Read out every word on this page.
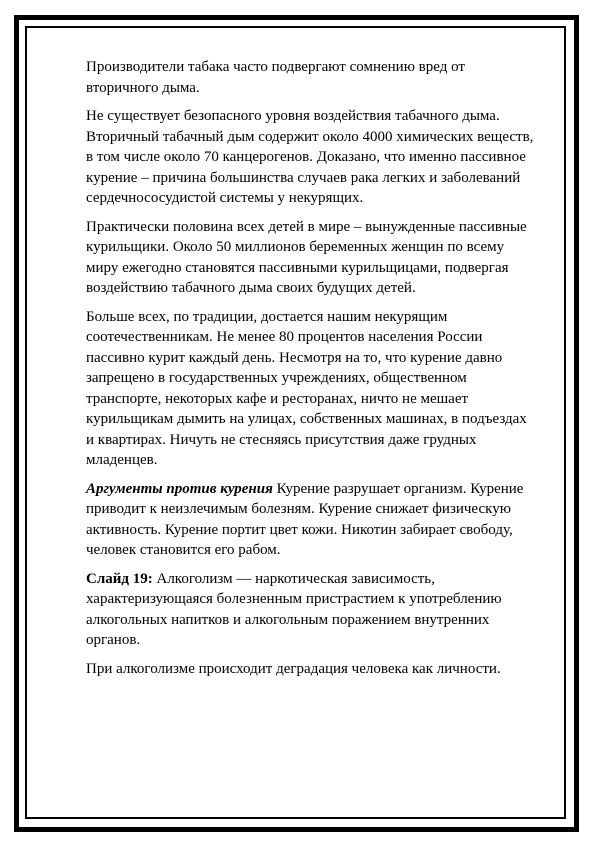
Производители табака часто подвергают сомнению вред от вторичного дыма.

Не существует безопасного уровня воздействия табачного дыма. Вторичный табачный дым содержит около 4000 химических веществ, в том числе около 70 канцерогенов. Доказано, что именно пассивное курение – причина большинства случаев рака легких и заболеваний сердечнососудистой системы у некурящих.

Практически половина всех детей в мире – вынужденные пассивные курильщики. Около 50 миллионов беременных женщин по всему миру ежегодно становятся пассивными курильщицами, подвергая воздействию табачного дыма своих будущих детей.

Больше всех, по традиции, достается нашим некурящим соотечественникам. Не менее 80 процентов населения России пассивно курит каждый день. Несмотря на то, что курение давно запрещено в государственных учреждениях, общественном транспорте, некоторых кафе и ресторанах, ничто не мешает курильщикам дымить на улицах, собственных машинах, в подъездах и квартирах. Ничуть не стесняясь присутствия даже грудных младенцев.

Аргументы против курения Курение разрушает организм. Курение приводит к неизлечимым болезням. Курение снижает физическую активность. Курение портит цвет кожи. Никотин забирает свободу, человек становится его рабом.

Слайд 19: Алкоголизм — наркотическая зависимость, характеризующаяся болезненным пристрастием к употреблению алкогольных напитков и алкогольным поражением внутренних органов.

При алкоголизме происходит деградация человека как личности.
